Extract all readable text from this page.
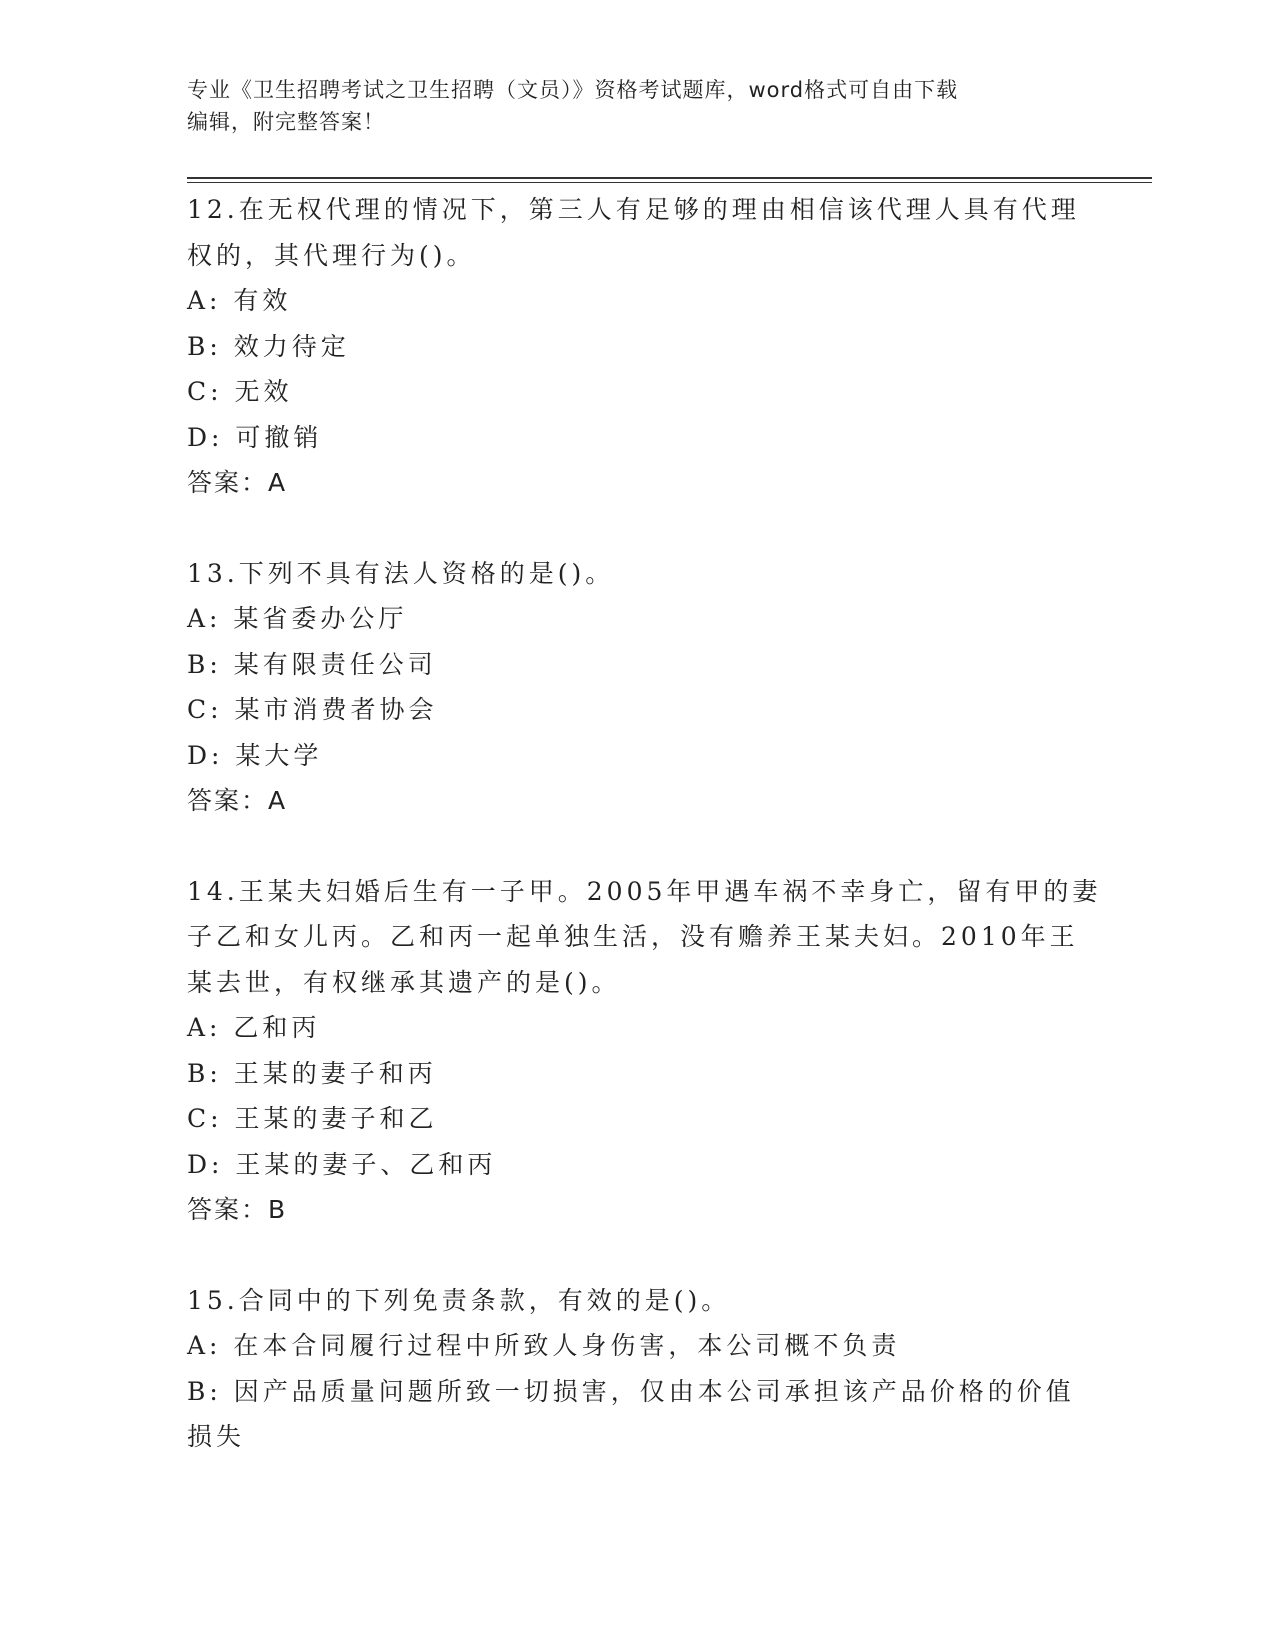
专业《卫生招聘考试之卫生招聘（文员）》资格考试题库，word格式可自由下载
编辑，附完整答案！
12.在无权代理的情况下，第三人有足够的理由相信该代理人具有代理
权的，其代理行为()。
A: 有效
B: 效力待定
C: 无效
D: 可撤销
答案：A
13.下列不具有法人资格的是()。
A: 某省委办公厅
B: 某有限责任公司
C: 某市消费者协会
D: 某大学
答案：A
14.王某夫妇婚后生有一子甲。2005年甲遇车祸不幸身亡，留有甲的妻
子乙和女儿丙。乙和丙一起单独生活，没有赡养王某夫妇。2010年王
某去世，有权继承其遗产的是()。
A: 乙和丙
B: 王某的妻子和丙
C: 王某的妻子和乙
D: 王某的妻子、乙和丙
答案：B
15.合同中的下列免责条款，有效的是()。
A: 在本合同履行过程中所致人身伤害，本公司概不负责
B: 因产品质量问题所致一切损害，仅由本公司承担该产品价格的价值
损失
